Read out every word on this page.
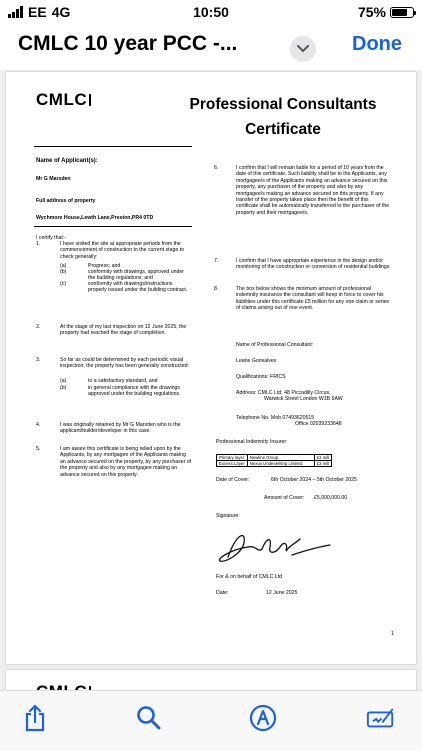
EE 4G	10:50	75%
CMLC 10 year PCC -...	Done
CMLC	Professional Consultants
Certificate
Name of Applicant(s):
Mr G Marsden
Full address of property
Wychmore House,Lewth Lane,Preston,PR4 0TD
I certify that:-
1.	I have visited the site at appropriate periods from the commencement of construction to the current stage to check generally:
(a)	Progress; and
(b)	conformity with drawings, approved under the building regulations; and
(c)	conformity with drawings/instructions properly issued under the building contract.
2.	At the stage of my last inspection on 12 June 2025, the property had reached the stage of completion.
3.	So far as could be determined by each periodic visual inspection, the property has been generally constructed:
(a)	to a satisfactory standard, and
(b)	in general compliance with the drawings approved under the building regulations.
4.	I was originally retained by Mr G Marsden who is the applicant/builder/developer in this case.
5.	I am aware this certificate is being relied upon by the Applicants, by any mortgagee of the Applicants making an advance secured on the property, by any purchaser of the property and also by any mortgagee making an advance secured on this property.
6.	I confirm that I will remain liable for a period of 10 years from the date of this certificate. Such liability shall be to the Applicants, any mortgagee/s of the Applicants making an advance secured on this property, any purchaser of the property and also by any mortgagee/s making an advance secured on this property. If any transfer of the property takes place then the benefit of this certificate shall be automatically transferred to the purchaser of the property and their mortgagee/s.
7.	I confirm that I have appropriate experience in the design and/or monitoring of the construction or conversion of residential buildings.
8.	The box below shows the minimum amount of professional indemnity insurance the consultant will keep in force to cover his liabilities under this certificate £5 million for any one claim or series of claims arising out of one event.
Name of Professional Consultant:
Learie Gonsalves
Qualifications: FRICS
Address: CMLC Ltd, 48 Piccadilly Circus,
Warwick Street London W1B 5AW
Telephone No. Mob 07493620515
Office 02039233648
Professional Indemnity Insurer:
Primary layer	Newline Group	£2 mill
Excess Layer	Nexus Underwriting Limited	£3 mill
Date of Cover:	6th October 2024 – 5th October 2025
Amount of Cover: £5,000,000.00
Signature:
For & on behalf of CMLC Ltd
Date:	12 June 2025
1
